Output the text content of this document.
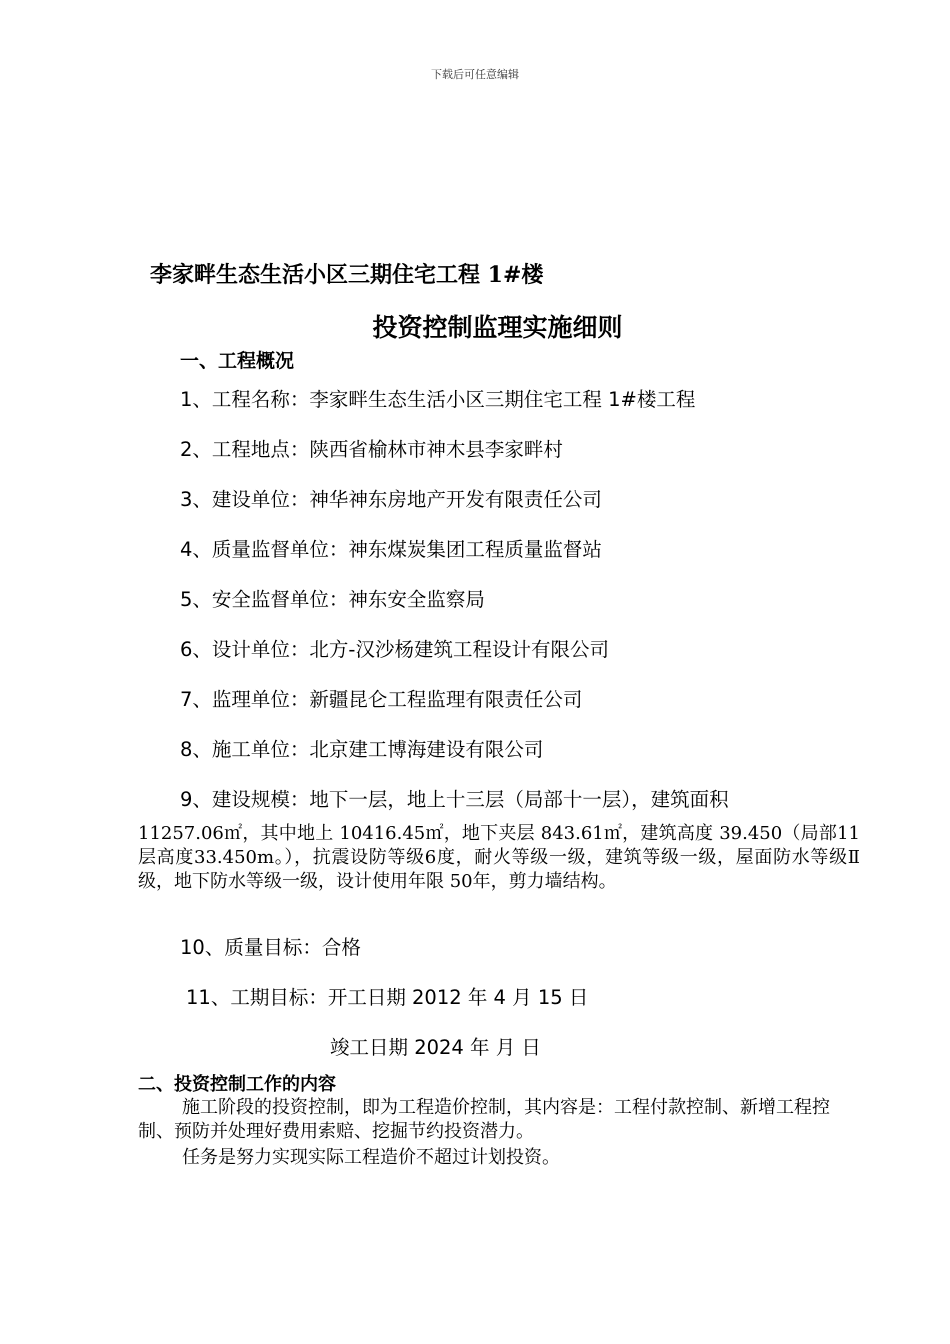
下载后可任意编辑
李家畔生态生活小区三期住宅工程 1#楼
投资控制监理实施细则
一、工程概况
1、工程名称：李家畔生态生活小区三期住宅工程 1#楼工程
2、工程地点：陕西省榆林市神木县李家畔村
3、建设单位：神华神东房地产开发有限责任公司
4、质量监督单位：神东煤炭集团工程质量监督站
5、安全监督单位：神东安全监察局
6、设计单位：北方-汉沙杨建筑工程设计有限公司
7、监理单位：新疆昆仑工程监理有限责任公司
8、施工单位：北京建工博海建设有限公司
9、建设规模：地下一层，地上十三层（局部十一层），建筑面积
11257.06㎡，其中地上 10416.45㎡，地下夹层 843.61㎡，建筑高度 39.450（局部11层高度33.450m。），抗震设防等级6度，耐火等级一级，建筑等级一级，屋面防水等级Ⅱ级，地下防水等级一级，设计使用年限 50年，剪力墙结构。
10、质量目标：合格
11、工期目标：开工日期 2012 年 4 月 15 日
竣工日期 2024 年 月 日
二、投资控制工作的内容
施工阶段的投资控制，即为工程造价控制，其内容是：工程付款控制、新增工程控制、预防并处理好费用索赔、挖掘节约投资潜力。
任务是努力实现实际工程造价不超过计划投资。
